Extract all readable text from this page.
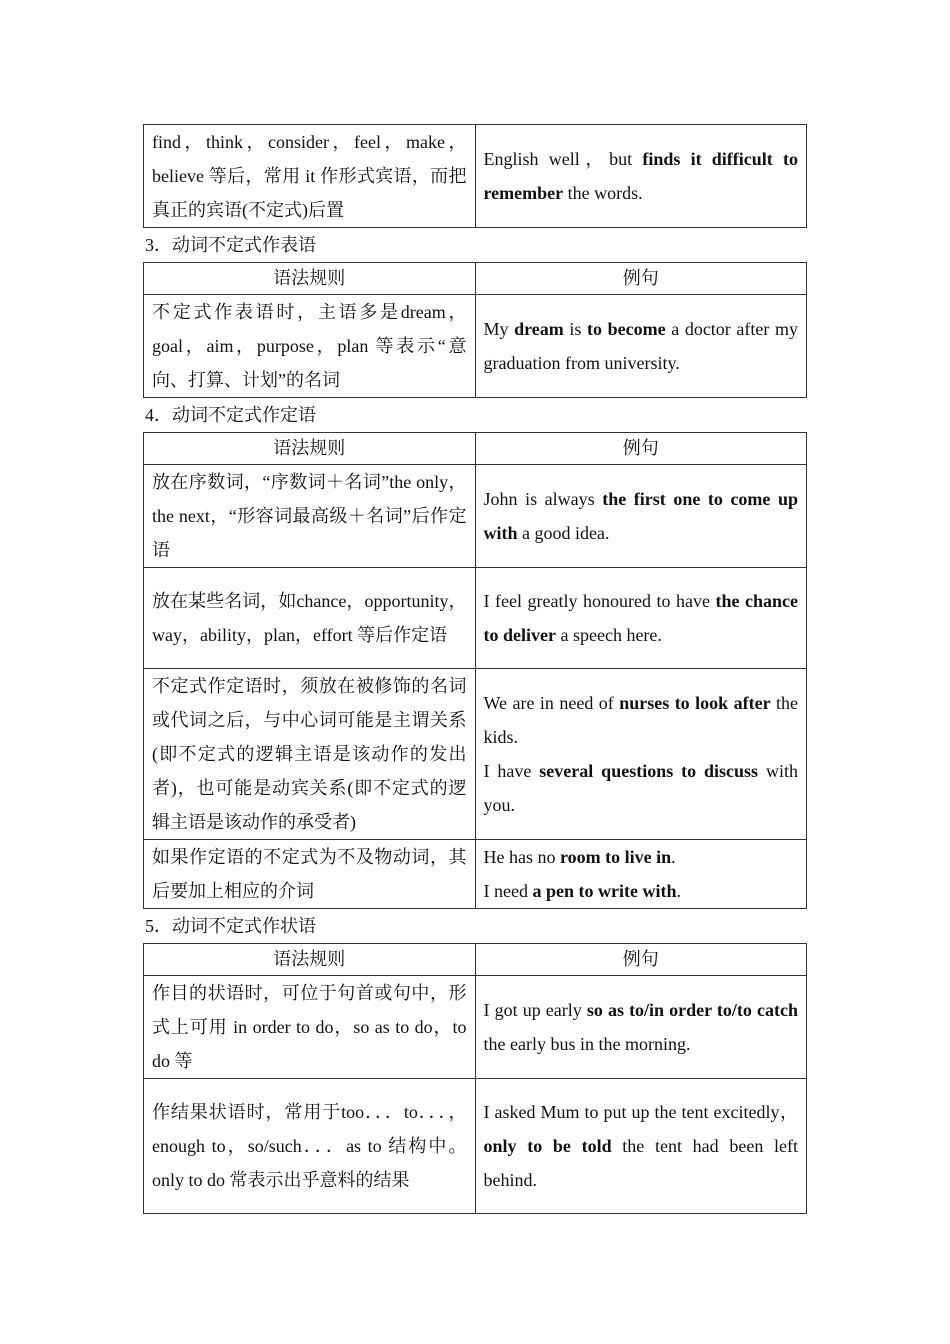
find，think，consider，feel，make，believe 等后，常用 it 作形式宾语，而把真正的宾语(不定式)后置	English well，but finds it difficult to remember the words.
3．动词不定式作表语
语法规则	例句
不定式作表语时，主语多是dream，goal，aim，purpose，plan 等表示“意向、打算、计划”的名词	My dream is to become a doctor after my graduation from university.
4．动词不定式作定语
语法规则	例句
放在序数词，“序数词＋名词”the only，the next，“形容词最高级＋名词”后作定语	John is always the first one to come up with a good idea.
放在某些名词，如chance，opportunity，way，ability，plan，effort 等后作定语	I feel greatly honoured to have the chance to deliver a speech here.
不定式作定语时，须放在被修饰的名词或代词之后，与中心词可能是主谓关系(即不定式的逻辑主语是该动作的发出者)，也可能是动宾关系(即不定式的逻辑主语是该动作的承受者)	We are in need of nurses to look after the kids.
I have several questions to discuss with you.
如果作定语的不定式为不及物动词，其后要加上相应的介词	He has no room to live in.
I need a pen to write with.
5．动词不定式作状语
语法规则	例句
作目的状语时，可位于句首或句中，形式上可用 in order to do，so as to do，to do 等	I got up early so as to/in order to/to catch the early bus in the morning.
作结果状语时，常用于too．．．to．．．，enough to，so/such．．．as to 结构中。only to do 常表示出乎意料的结果	I asked Mum to put up the tent excitedly，only to be told the tent had been left behind.
